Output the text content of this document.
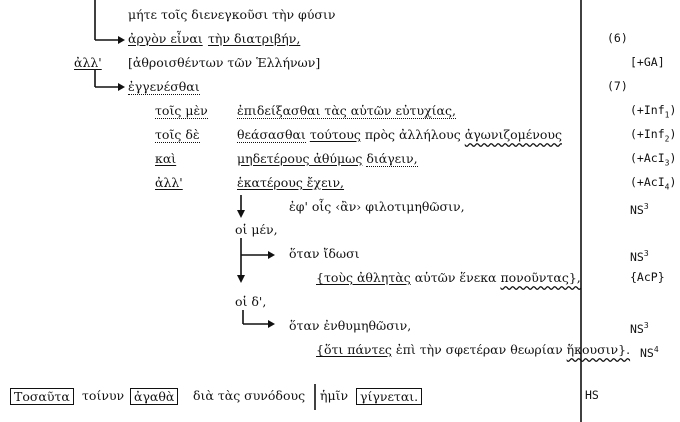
μήτε τοῖς διενεγκοῦσι τὴν φύσιν
ἀργὸν εἶναι τὴν διατριβήν,	(6)
ἀλλ' [ἀθροισθέντων τῶν Ἑλλήνων]	[+GA]
ἐγγενέσθαι	(7)
τοῖς μὲν ἐπιδείξασθαι τὰς αὑτῶν εὐτυχίας,	(+Inf$_1$)
τοῖς δὲ	θεάσασθαι τούτους πρὸς ἀλλήλους ἀγωνιζομένους	(+Inf$_2$)
καὶ	μηδετέρους ἀθύμως διάγειν,	(+AcI$_3$)
ἀλλ'	ἑκατέρους ἔχειν,	(+AcI$_4$)
ἐφ' οἷς ‹ἂν› φιλοτιμηθῶσιν,	$NS^3$
οἱ μέν,
ὅταν ἴδωσι	$NS^3$
{τοὺς ἀθλητὰς αὑτῶν ἕνεκα πονοῦντας},	{AcP}
οἱ δ',
ὅταν ἐνθυμηθῶσιν,	$NS^3$
{ὅτι πάντες ἐπὶ τὴν σφετέραν θεωρίαν ἥκουσιν}. $NS^4$
Τοσαῦτα τοίνυν ἀγαθὰ	διὰ τὰς συνόδους ἡμῖν γίγνεται.	HS
